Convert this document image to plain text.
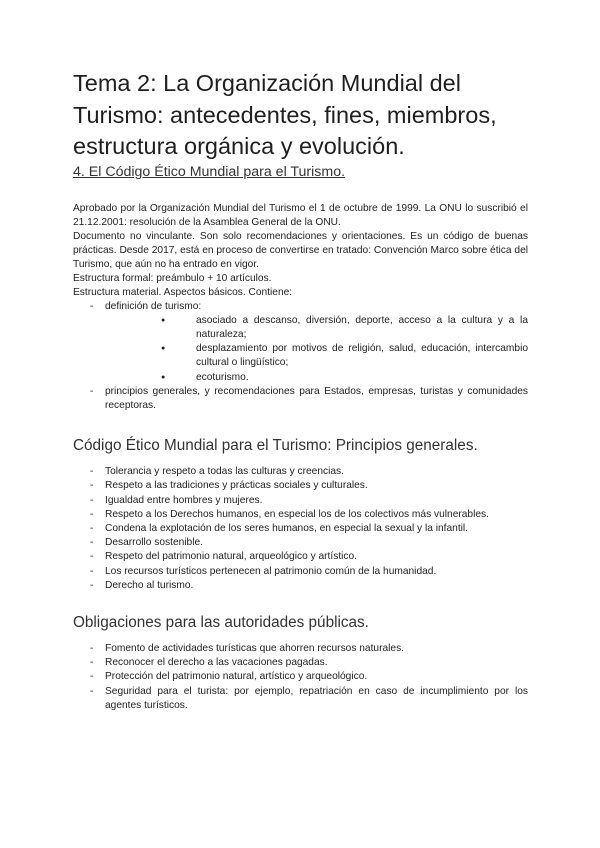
Tema 2: La Organización Mundial del Turismo: antecedentes, fines, miembros, estructura orgánica y evolución.
4. El Código Ético Mundial para el Turismo.

Aprobado por la Organización Mundial del Turismo el 1 de octubre de 1999. La ONU lo suscribió el 21.12.2001: resolución de la Asamblea General de la ONU.

Documento no vinculante. Son solo recomendaciones y orientaciones. Es un código de buenas prácticas. Desde 2017, está en proceso de convertirse en tratado: Convención Marco sobre ética del Turismo, que aún no ha entrado en vigor.

Estructura formal: preámbulo + 10 artículos.

Estructura material. Aspectos básicos. Contiene:

- definición de turismo:
● asociado a descanso, diversión, deporte, acceso a la cultura y a la naturaleza;
● desplazamiento por motivos de religión, salud, educación, intercambio cultural o lingüístico;
● ecoturismo.
- principios generales, y recomendaciones para Estados, empresas, turistas y comunidades receptoras.
Código Ético Mundial para el Turismo: Principios generales.
- Tolerancia y respeto a todas las culturas y creencias.
- Respeto a las tradiciones y prácticas sociales y culturales.
- Igualdad entre hombres y mujeres.
- Respeto a los Derechos humanos, en especial los de los colectivos más vulnerables.
- Condena la explotación de los seres humanos, en especial la sexual y la infantil.
- Desarrollo sostenible.
- Respeto del patrimonio natural, arqueológico y artístico.
- Los recursos turísticos pertenecen al patrimonio común de la humanidad.
- Derecho al turismo.
Obligaciones para las autoridades públicas.
- Fomento de actividades turísticas que ahorren recursos naturales.
- Reconocer el derecho a las vacaciones pagadas.
- Protección del patrimonio natural, artístico y arqueológico.
- Seguridad para el turista: por ejemplo, repatriación en caso de incumplimiento por los agentes turísticos.
